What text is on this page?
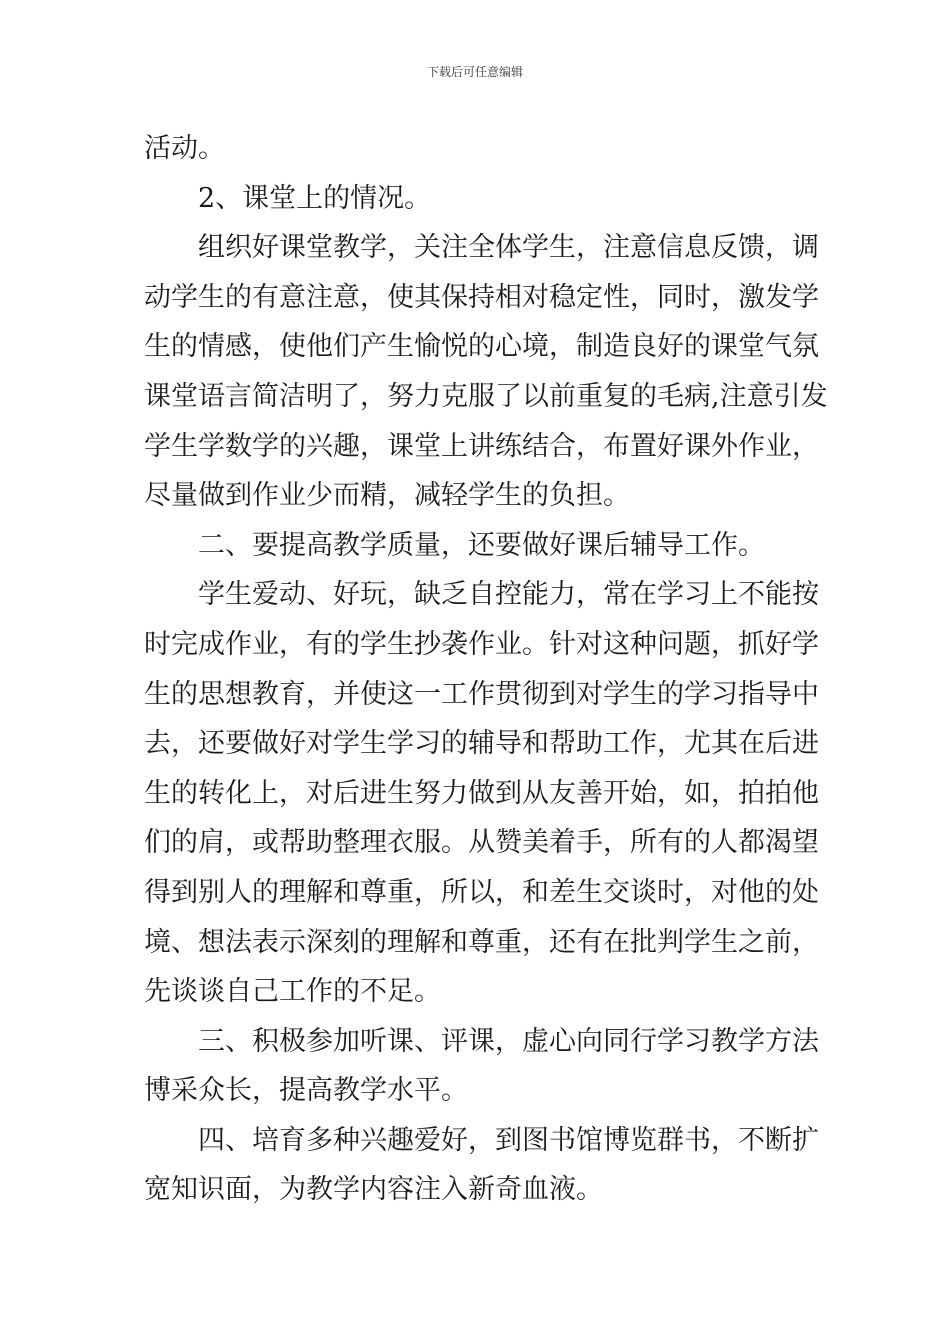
下载后可任意编辑
活动。
2、课堂上的情况。
组织好课堂教学，关注全体学生，注意信息反馈，调
动学生的有意注意，使其保持相对稳定性，同时，激发学
生的情感，使他们产生愉悦的心境，制造良好的课堂气氛
课堂语言简洁明了，努力克服了以前重复的毛病,注意引发
学生学数学的兴趣，课堂上讲练结合，布置好课外作业，
尽量做到作业少而精，减轻学生的负担。
二、要提高教学质量，还要做好课后辅导工作。
学生爱动、好玩，缺乏自控能力，常在学习上不能按
时完成作业，有的学生抄袭作业。针对这种问题，抓好学
生的思想教育，并使这一工作贯彻到对学生的学习指导中
去，还要做好对学生学习的辅导和帮助工作，尤其在后进
生的转化上，对后进生努力做到从友善开始，如，拍拍他
们的肩，或帮助整理衣服。从赞美着手，所有的人都渴望
得到别人的理解和尊重，所以，和差生交谈时，对他的处
境、想法表示深刻的理解和尊重，还有在批判学生之前，
先谈谈自己工作的不足。
三、积极参加听课、评课，虚心向同行学习教学方法
博采众长，提高教学水平。
四、培育多种兴趣爱好，到图书馆博览群书，不断扩
宽知识面，为教学内容注入新奇血液。
